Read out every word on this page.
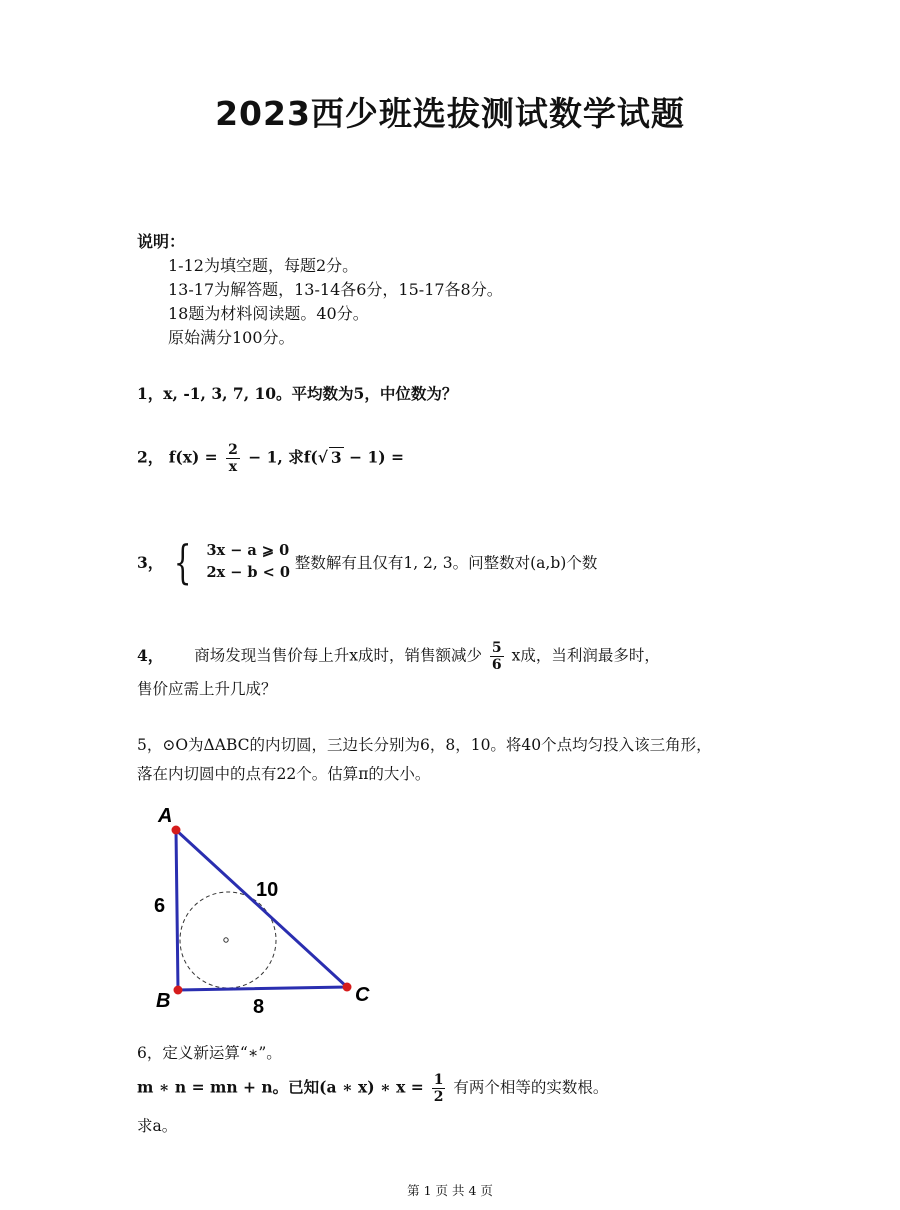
2023西少班选拔测试数学试题
说明：
1-12为填空题，每题2分。
13-17为解答题，13-14各6分，15-17各8分。
18题为材料阅读题。40分。
原始满分100分。
1，x, -1, 3, 7, 10。平均数为5，中位数为？
2， $f(x) = \frac{2}{x} - 1$, 求f(√ 3 − 1) =
3， { 3x − a ⩾ 0
2x − b < 0
整数解有且仅有1, 2, 3。问整数对(a,b)个数
4， 商场发现当售价每上升x成时，销售额减少 $\frac{5}{6}$ x成，当利润最多时，
售价应需上升几成？
5，⊙O为ΔABC的内切圆，三边长分别为6，8，10。将40个点均匀投入该三角形，
落在内切圆中的点有22个。估算π的大小。
A
B	C
6
10
8
6，定义新运算“∗”。
m ∗ n = mn + n。已知(a ∗ x) ∗ $x = \frac{1}{2}$ 有两个相等的实数根。
求a。
第 1 页 共 4 页
